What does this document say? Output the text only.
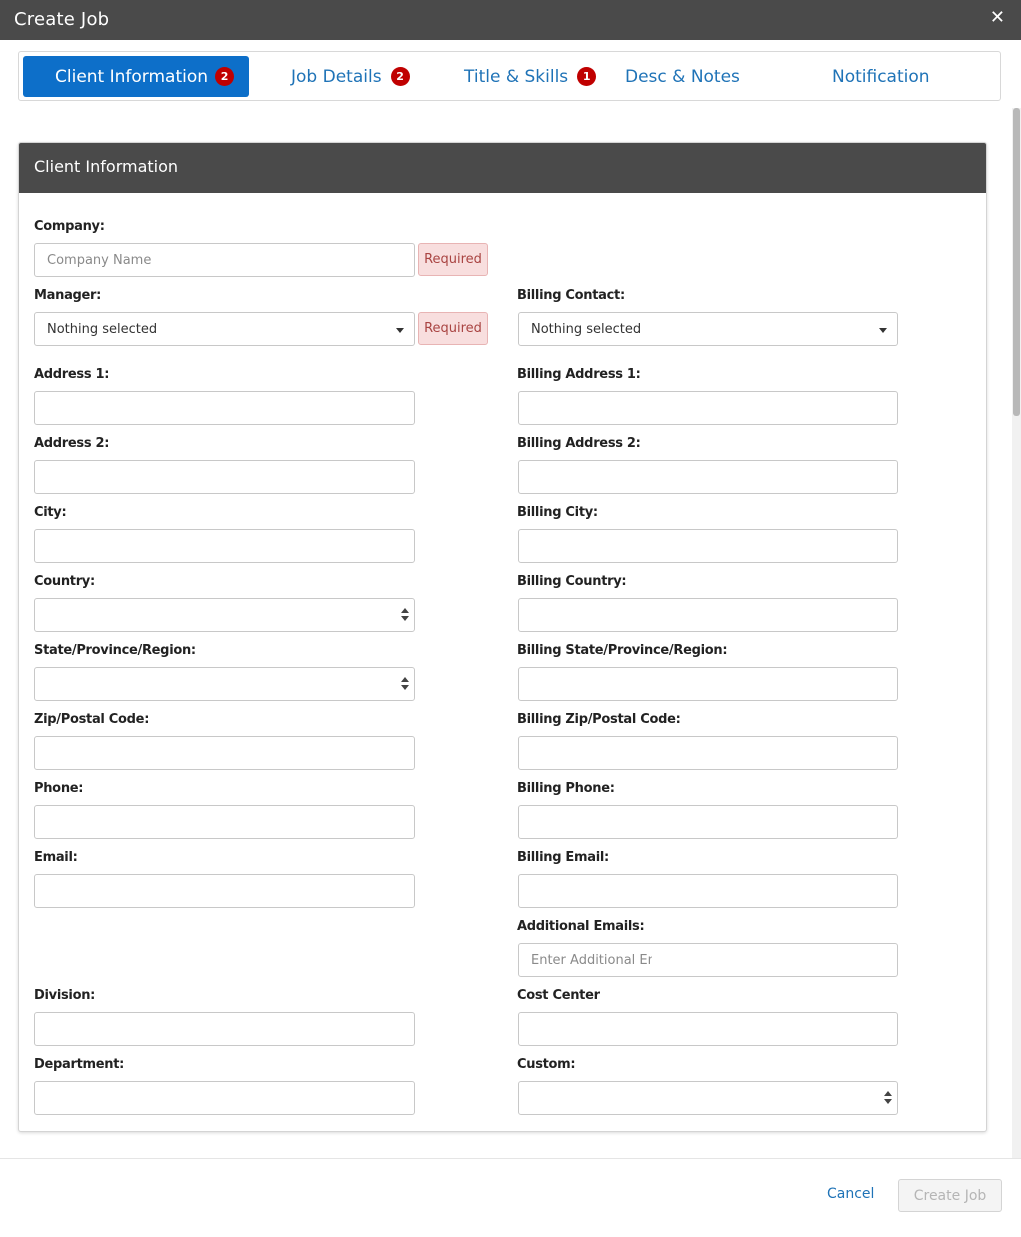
Create Job	✕
Client Information	2	Job Details	2	Title & Skills	1	Desc & Notes	Notification
Client Information
Company:
Company Name
Required
Manager:
Nothing selected	Required
Billing Contact:
Nothing selected
Address 1:	Billing Address 1:
Address 2:	Billing Address 2:
City:	Billing City:
Country:	Billing Country:
State/Province/Region:	Billing State/Province/Region:
Zip/Postal Code:	Billing Zip/Postal Code:
Phone:	Billing Phone:
Email:	Billing Email:
Additional Emails:
Enter Additional Emails
Division:	Cost Center
Department:	Custom:
Cancel	Create Job
